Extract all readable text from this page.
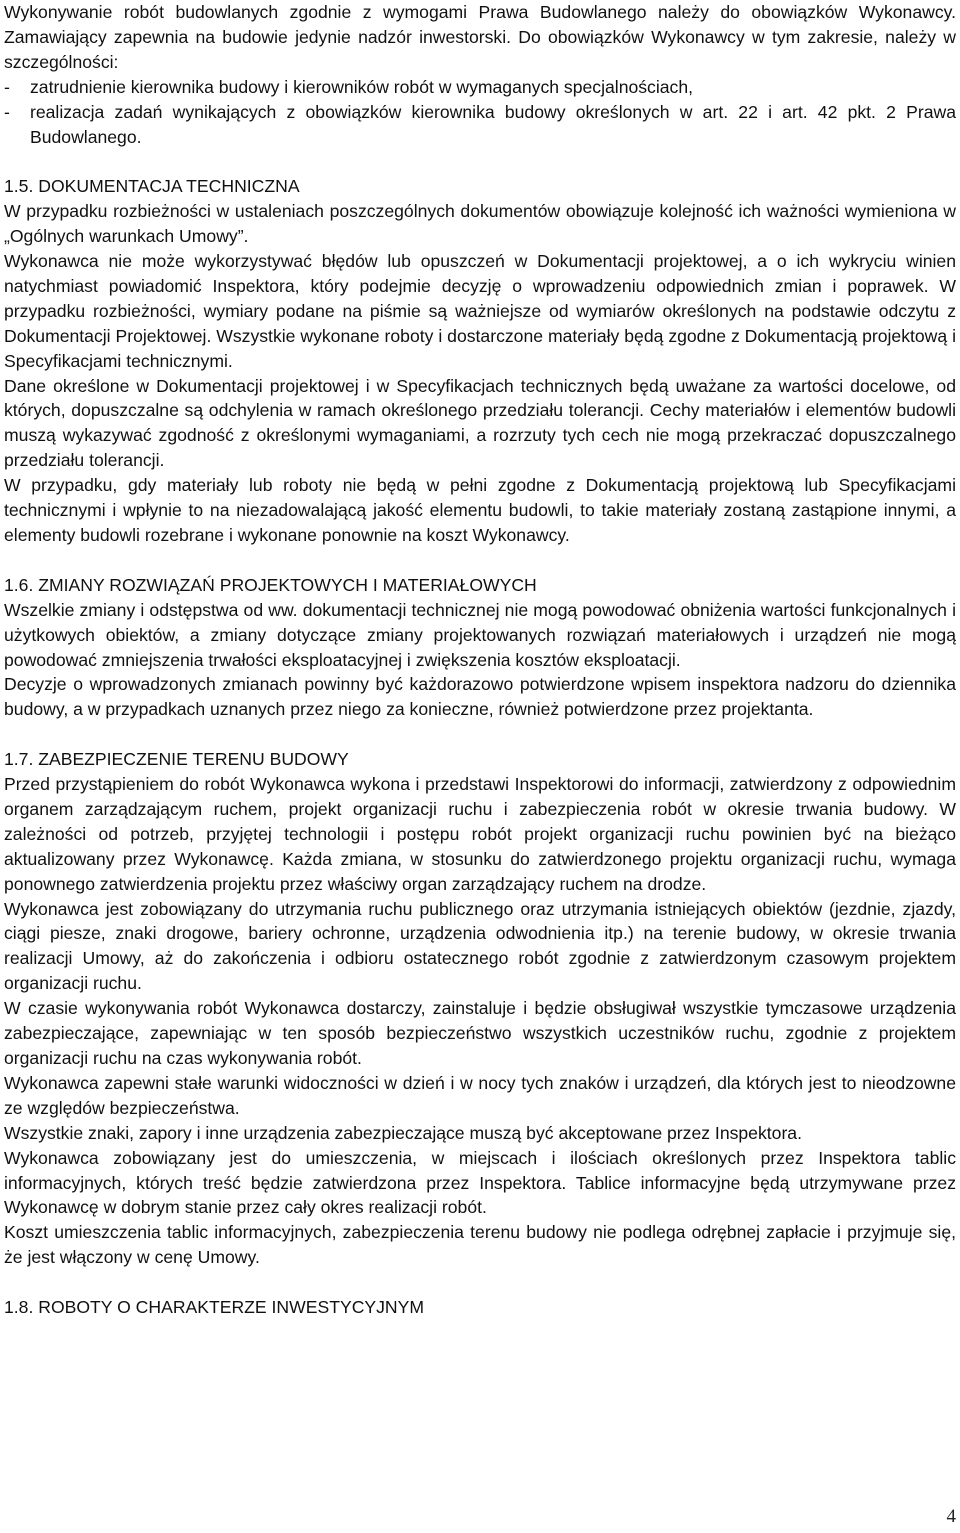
Wykonywanie robót budowlanych zgodnie z wymogami Prawa Budowlanego należy do obowiązków Wykonawcy. Zamawiający zapewnia na budowie jedynie nadzór inwestorski. Do obowiązków Wykonawcy w tym zakresie, należy w szczególności:

-	zatrudnienie kierownika budowy i kierowników robót w wymaganych specjalnościach,
-	realizacja zadań wynikających z obowiązków kierownika budowy określonych w art. 22 i art. 42 pkt. 2 Prawa Budowlanego.

1.5. DOKUMENTACJA TECHNICZNA

W przypadku rozbieżności w ustaleniach poszczególnych dokumentów obowiązuje kolejność ich ważności wymieniona w „Ogólnych warunkach Umowy”.

Wykonawca nie może wykorzystywać błędów lub opuszczeń w Dokumentacji projektowej, a o ich wykryciu winien natychmiast powiadomić Inspektora, który podejmie decyzję o wprowadzeniu odpowiednich zmian i poprawek. W przypadku rozbieżności, wymiary podane na piśmie są ważniejsze od wymiarów określonych na podstawie odczytu z Dokumentacji Projektowej. Wszystkie wykonane roboty i dostarczone materiały będą zgodne z Dokumentacją projektową i Specyfikacjami technicznymi.

Dane określone w Dokumentacji projektowej i w Specyfikacjach technicznych będą uważane za wartości docelowe, od których, dopuszczalne są odchylenia w ramach określonego przedziału tolerancji. Cechy materiałów i elementów budowli muszą wykazywać zgodność z określonymi wymaganiami, a rozrzuty tych cech nie mogą przekraczać dopuszczalnego przedziału tolerancji.

W przypadku, gdy materiały lub roboty nie będą w pełni zgodne z Dokumentacją projektową lub Specyfikacjami technicznymi i wpłynie to na niezadowalającą jakość elementu budowli, to takie materiały zostaną zastąpione innymi, a elementy budowli rozebrane i wykonane ponownie na koszt Wykonawcy.

1.6. ZMIANY ROZWIĄZAŃ PROJEKTOWYCH I MATERIAŁOWYCH

Wszelkie zmiany i odstępstwa od ww. dokumentacji technicznej nie mogą powodować obniżenia wartości funkcjonalnych i użytkowych obiektów, a zmiany dotyczące zmiany projektowanych rozwiązań materiałowych i urządzeń nie mogą powodować zmniejszenia trwałości eksploatacyjnej i zwiększenia kosztów eksploatacji.

Decyzje o wprowadzonych zmianach powinny być każdorazowo potwierdzone wpisem inspektora nadzoru do dziennika budowy, a w przypadkach uznanych przez niego za konieczne, również potwierdzone przez projektanta.

1.7. ZABEZPIECZENIE TERENU BUDOWY

Przed przystąpieniem do robót Wykonawca wykona i przedstawi Inspektorowi do informacji, zatwierdzony z odpowiednim organem zarządzającym ruchem, projekt organizacji ruchu i zabezpieczenia robót w okresie trwania budowy. W zależności od potrzeb, przyjętej technologii i postępu robót projekt organizacji ruchu powinien być na bieżąco aktualizowany przez Wykonawcę. Każda zmiana, w stosunku do zatwierdzonego projektu organizacji ruchu, wymaga ponownego zatwierdzenia projektu przez właściwy organ zarządzający ruchem na drodze.

Wykonawca jest zobowiązany do utrzymania ruchu publicznego oraz utrzymania istniejących obiektów (jezdnie, zjazdy, ciągi piesze, znaki drogowe, bariery ochronne, urządzenia odwodnienia itp.) na terenie budowy, w okresie trwania realizacji Umowy, aż do zakończenia i odbioru ostatecznego robót zgodnie z zatwierdzonym czasowym projektem organizacji ruchu.

W czasie wykonywania robót Wykonawca dostarczy, zainstaluje i będzie obsługiwał wszystkie tymczasowe urządzenia zabezpieczające, zapewniając w ten sposób bezpieczeństwo wszystkich uczestników ruchu, zgodnie z projektem organizacji ruchu na czas wykonywania robót.

Wykonawca zapewni stałe warunki widoczności w dzień i w nocy tych znaków i urządzeń, dla których jest to nieodzowne ze względów bezpieczeństwa.

Wszystkie znaki, zapory i inne urządzenia zabezpieczające muszą być akceptowane przez Inspektora.

Wykonawca zobowiązany jest do umieszczenia, w miejscach i ilościach określonych przez Inspektora tablic informacyjnych, których treść będzie zatwierdzona przez Inspektora. Tablice informacyjne będą utrzymywane przez Wykonawcę w dobrym stanie przez cały okres realizacji robót.

Koszt umieszczenia tablic informacyjnych, zabezpieczenia terenu budowy nie podlega odrębnej zapłacie i przyjmuje się, że jest włączony w cenę Umowy.

1.8. ROBOTY O CHARAKTERZE INWESTYCYJNYM

4
